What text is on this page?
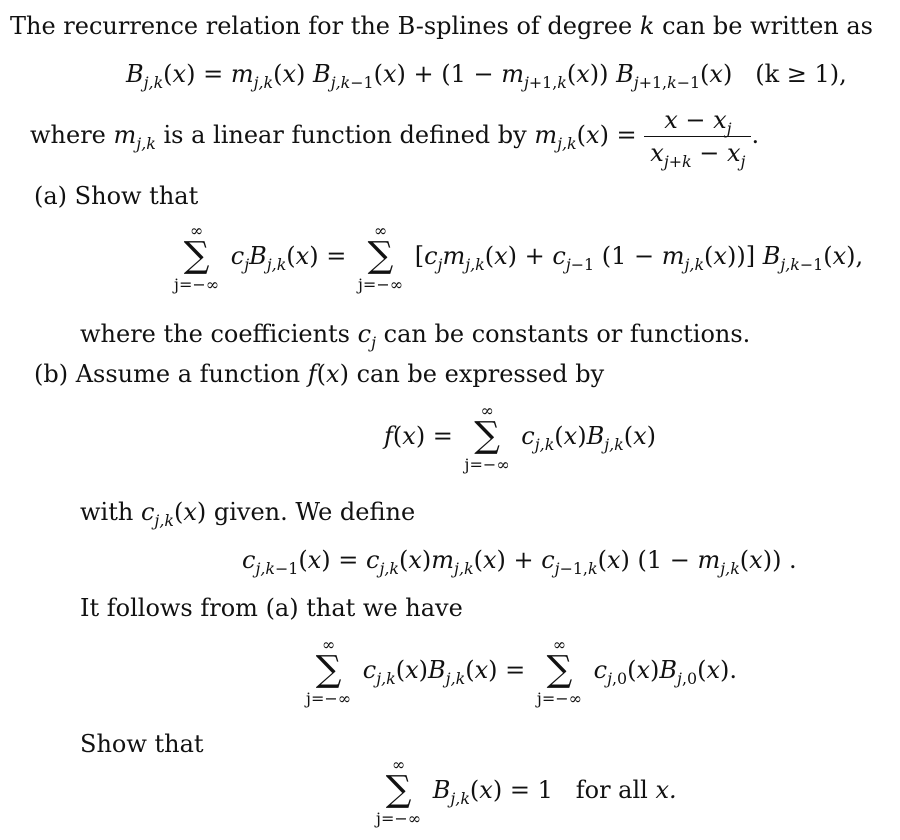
The recurrence relation for the B-splines of degree k can be written as
$B_{j,k}(x) = m_{j,k}(x) B_{j,k-1}(x) + (1 - m_{j+1,k}(x))$ $B_{j+1,k-1}(x) (k \ge 1)$,
where $m_{j,k}$ is a linear function defined by $m_{j,k}(x) = \frac{x - x_j}{x_{j+k} - x_j}$ .
(a) Show that
∞
∑
j=−∞
$c_jB_{j,k}(x)$ =
∞
∑
j=−∞
[$c_jm_{j,k}(x) + c_{j-1}$ $(1 - m_{j,k}(x))$] $B_{j,k-1}(x)$,
where the coefficients $c_j$ can be constants or functions.
(b) Assume a function f(x) can be expressed by
f(x) =
∞
∑
j=−∞
$c_{j,k}(x)B_{j,k}(x)$
with $c_{j,k}(x)$ given. We define
$c_{j,k-1}(x) = c_{j,k}(x)m_{j,k}(x) + c_{j-1,k}(x) (1 - m_{j,k}(x))$ .
It follows from (a) that we have
∞
∑
j=−∞
$c_{j,k}(x)B_{j,k}(x)$ =
∞
∑
j=−∞
$c_{j,0}(x)B_{j,0}(x)$.
Show that
∞
∑
j=−∞
$B_{j,k}(x) = 1$   for all x.
